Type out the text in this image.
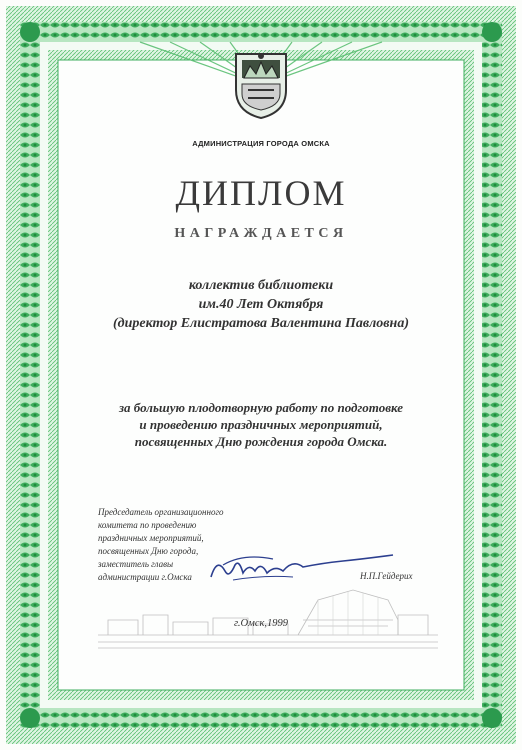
АДМИНИСТРАЦИЯ ГОРОДА ОМСКА
ДИПЛОМ
НАГРАЖДАЕТСЯ
коллектив библиотеки
им.40 Лет Октября
(директор Елистратова Валентина Павловна)
за большую плодотворную работу по подготовке
и проведению праздничных мероприятий,
посвященных Дню рождения города Омска.
Председатель организационного
комитета по проведению
праздничных мероприятий,
посвященных Дню города,
заместитель главы
администрации г.Омска	Н.П.Гейдерих
г.Омск,1999
